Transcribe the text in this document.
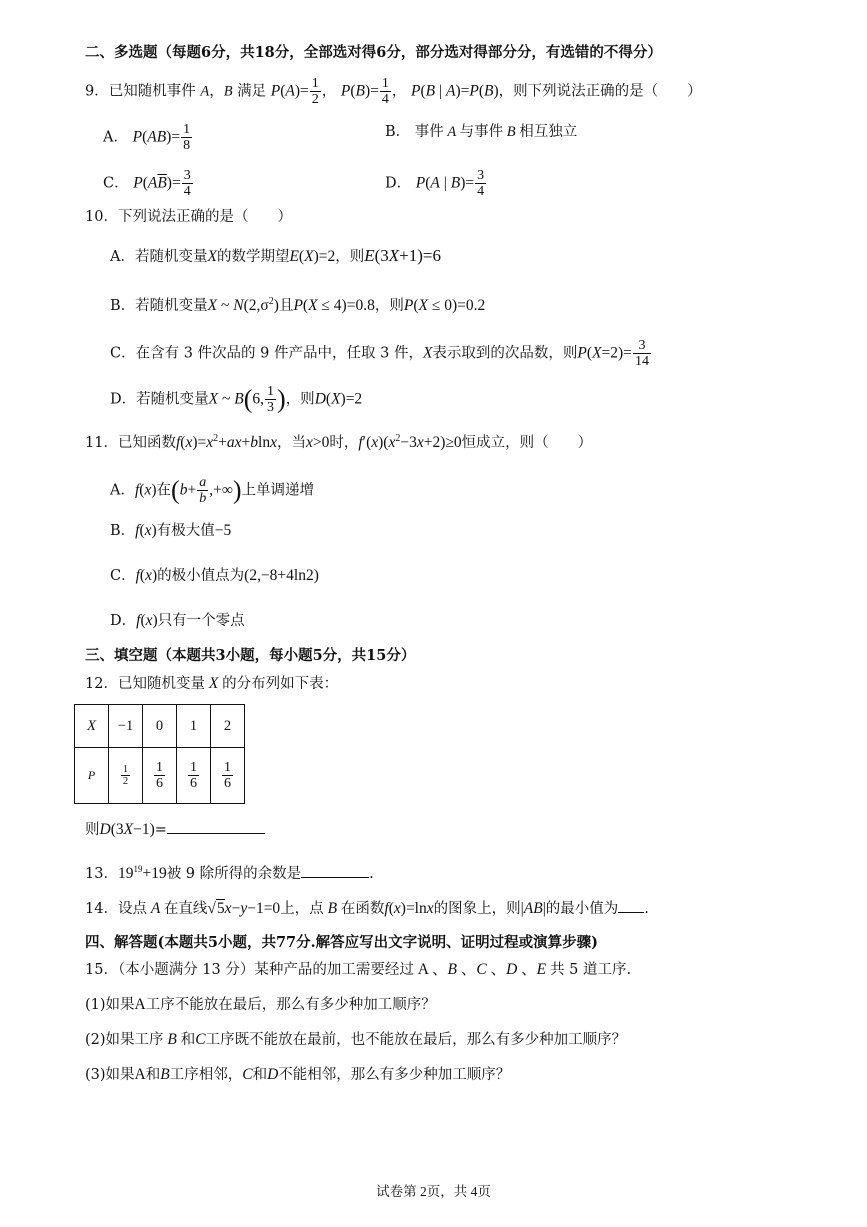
二、多选题（每题6分，共18分，全部选对得6分，部分选对得部分分，有选错的不得分）
9．已知随机事件 A，B 满足 $P(A)= \frac{1}{2}$ ， $P(B)= \frac{1}{4}$ ， P(B | A)=P(B)，则下列说法正确的是（　　）
A． $P(AB)= \frac{1}{8}$	B． 事件 A 与事件 B 相互独立
C． $P(A\overline{B})= \frac{3}{4}$	D． P(A | $B)= \frac{3}{4}$
10．下列说法正确的是（　　）
A．若随机变量X的数学期望E(X)=2，则E(3X+1)=6
B．若随机变量X ~ $N(2,\sigma^2)$且P(X ≤ 4)=0.8，则P(X ≤ 0)=0.2
C．在含有 3 件次品的 9 件产品中，任取 3 件，X表示取到的次品数，则$P(X=2)= \frac{3}{14}$
D．若随机变量X ~ B(6, $\frac{1}{3}$ )，则D(X)=2
11．已知函数$f(x)=x^2+ax+blnx$，当x>0时，$f'(x)(x^2-3x+2)\ge 0$恒成立，则（　　）
A．f(x)在($b+ \frac{a}{b}$ ,+∞)上单调递增
B．f(x)有极大值−5
C．f(x)的极小值点为(2,−8+4ln2)
D．f(x)只有一个零点
三、填空题（本题共3小题，每小题5分，共15分）
12．已知随机变量 X 的分布列如下表：
X	−1	0	1	2
P	$\frac{1}{2}$	$\frac{1}{6}$	$\frac{1}{6}$	$\frac{1}{6}$
则D(3X−1)=
13．$19^{19}+19$被 9 除所得的余数是	.
14．设点 A 在直线√5x−y−1=0上，点 B 在函数f(x)=lnx的图象上，则|AB|的最小值为 .
四、解答题(本题共5小题，共77分.解答应写出文字说明、证明过程或演算步骤)
15．（本小题满分 13 分）某种产品的加工需要经过 A 、B 、C 、D 、E 共 5 道工序.
(1)如果A工序不能放在最后，那么有多少种加工顺序？
(2)如果工序 B 和C工序既不能放在最前，也不能放在最后，那么有多少种加工顺序？
(3)如果A和B工序相邻，C和D不能相邻，那么有多少种加工顺序？
试卷第 2页，共 4页
